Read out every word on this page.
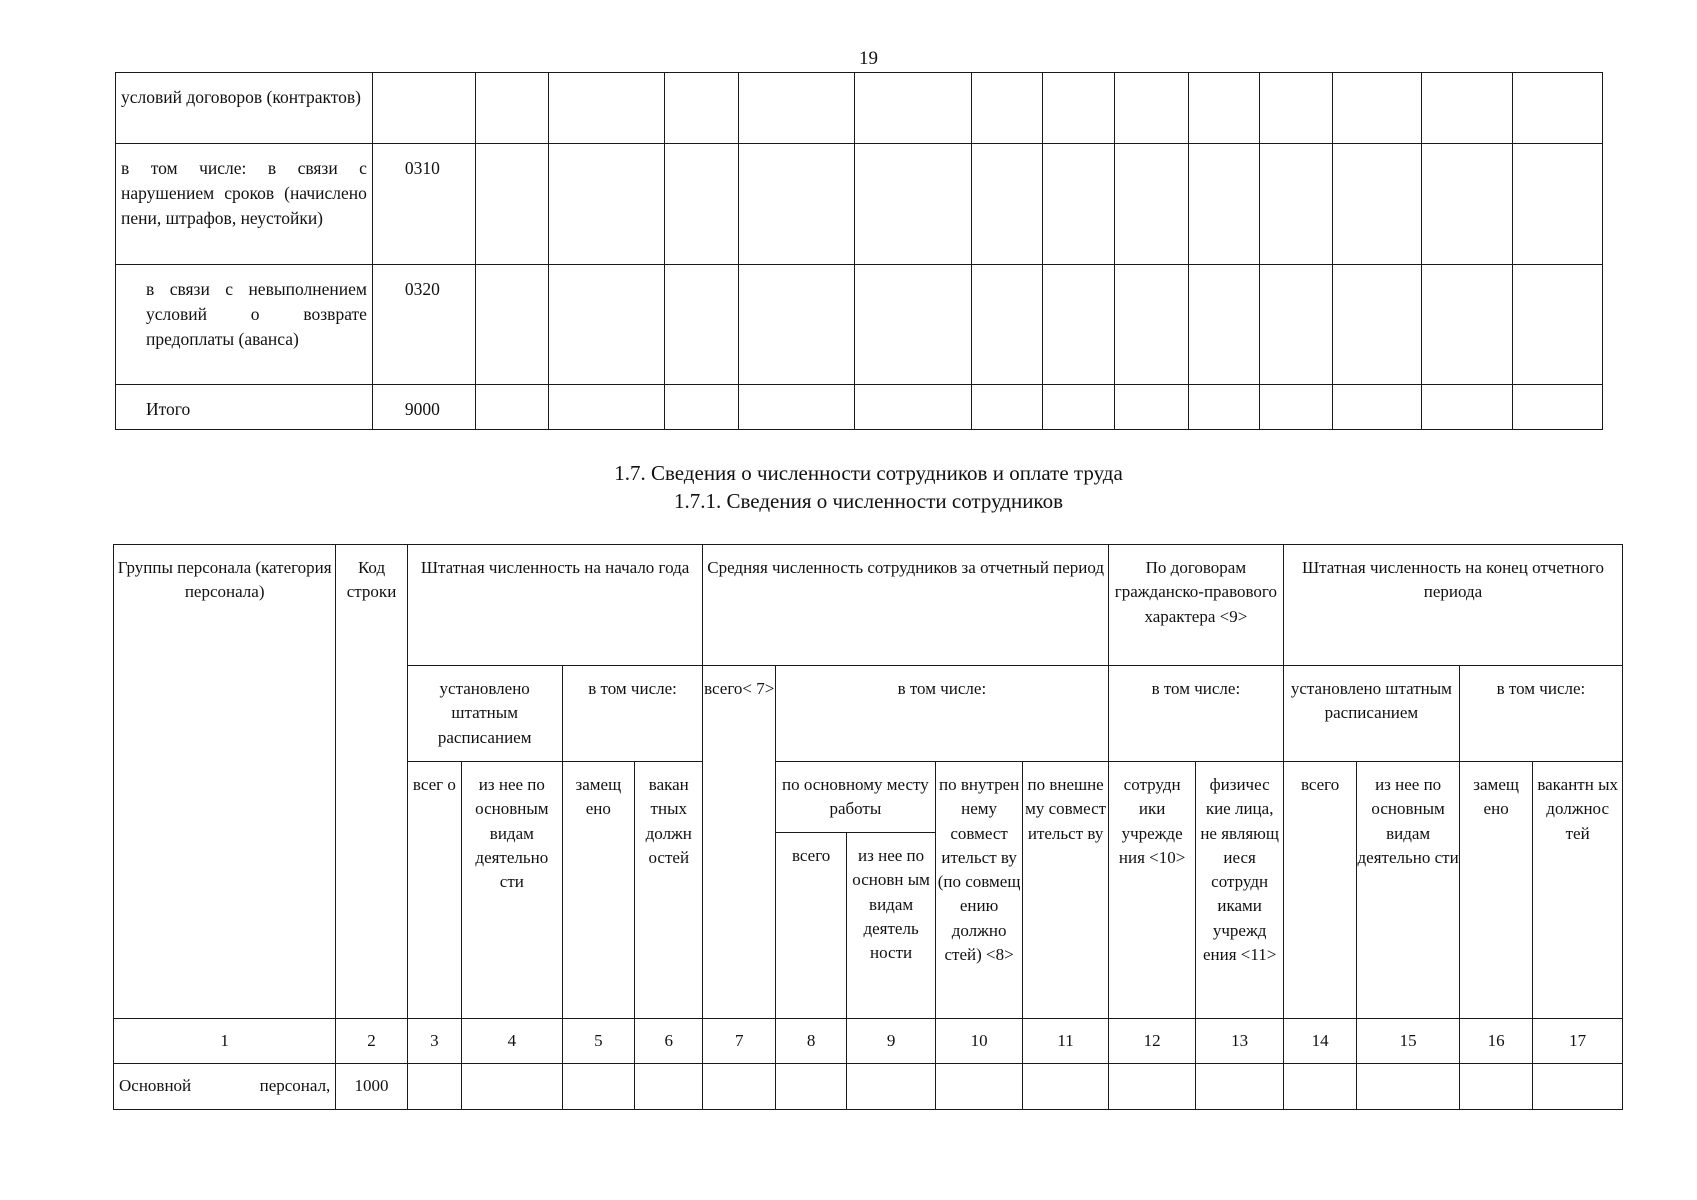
19
условий договоров (контрактов)														
в том числе: в связи с нарушением сроков (начислено пени, штрафов, неустойки)	0310													
в связи с невыполнением условий о возврате предоплаты (аванса)	0320													
Итого	9000													
1.7. Сведения о численности сотрудников и оплате труда
1.7.1. Сведения о численности сотрудников
Группы персонала (категория персонала)	Код строки	Штатная численность на начало года				Средняя численность сотрудников за отчетный период					По договорам гражданско-правового характера <9>		Штатная численность на конец отчетного периода			
		установлено штатным расписанием		в том числе:		всего< 7>	в том числе:				в том числе:		установлено штатным расписанием		в том числе:	
		всег о	из нее по основным видам деятельно сти	замещ ено	вакан тных должн остей		по основному месту работы		по внутрен нему совмест ительст ву (по совмещ ению должно стей) <8>	по внешне му совмест ительст ву	сотрудн ики учрежде ния <10>	физичес кие лица, не являющ иеся сотрудн иками учрежд ения <11>	всего	из нее по основным видам деятельно сти	замещ ено	вакантн ых должнос тей
							всего	из нее по основн ым видам деятель ности								
1	2	3	4	5	6	7	8	9	10	11	12	13	14	15	16	17
Основной персонал,	1000															
